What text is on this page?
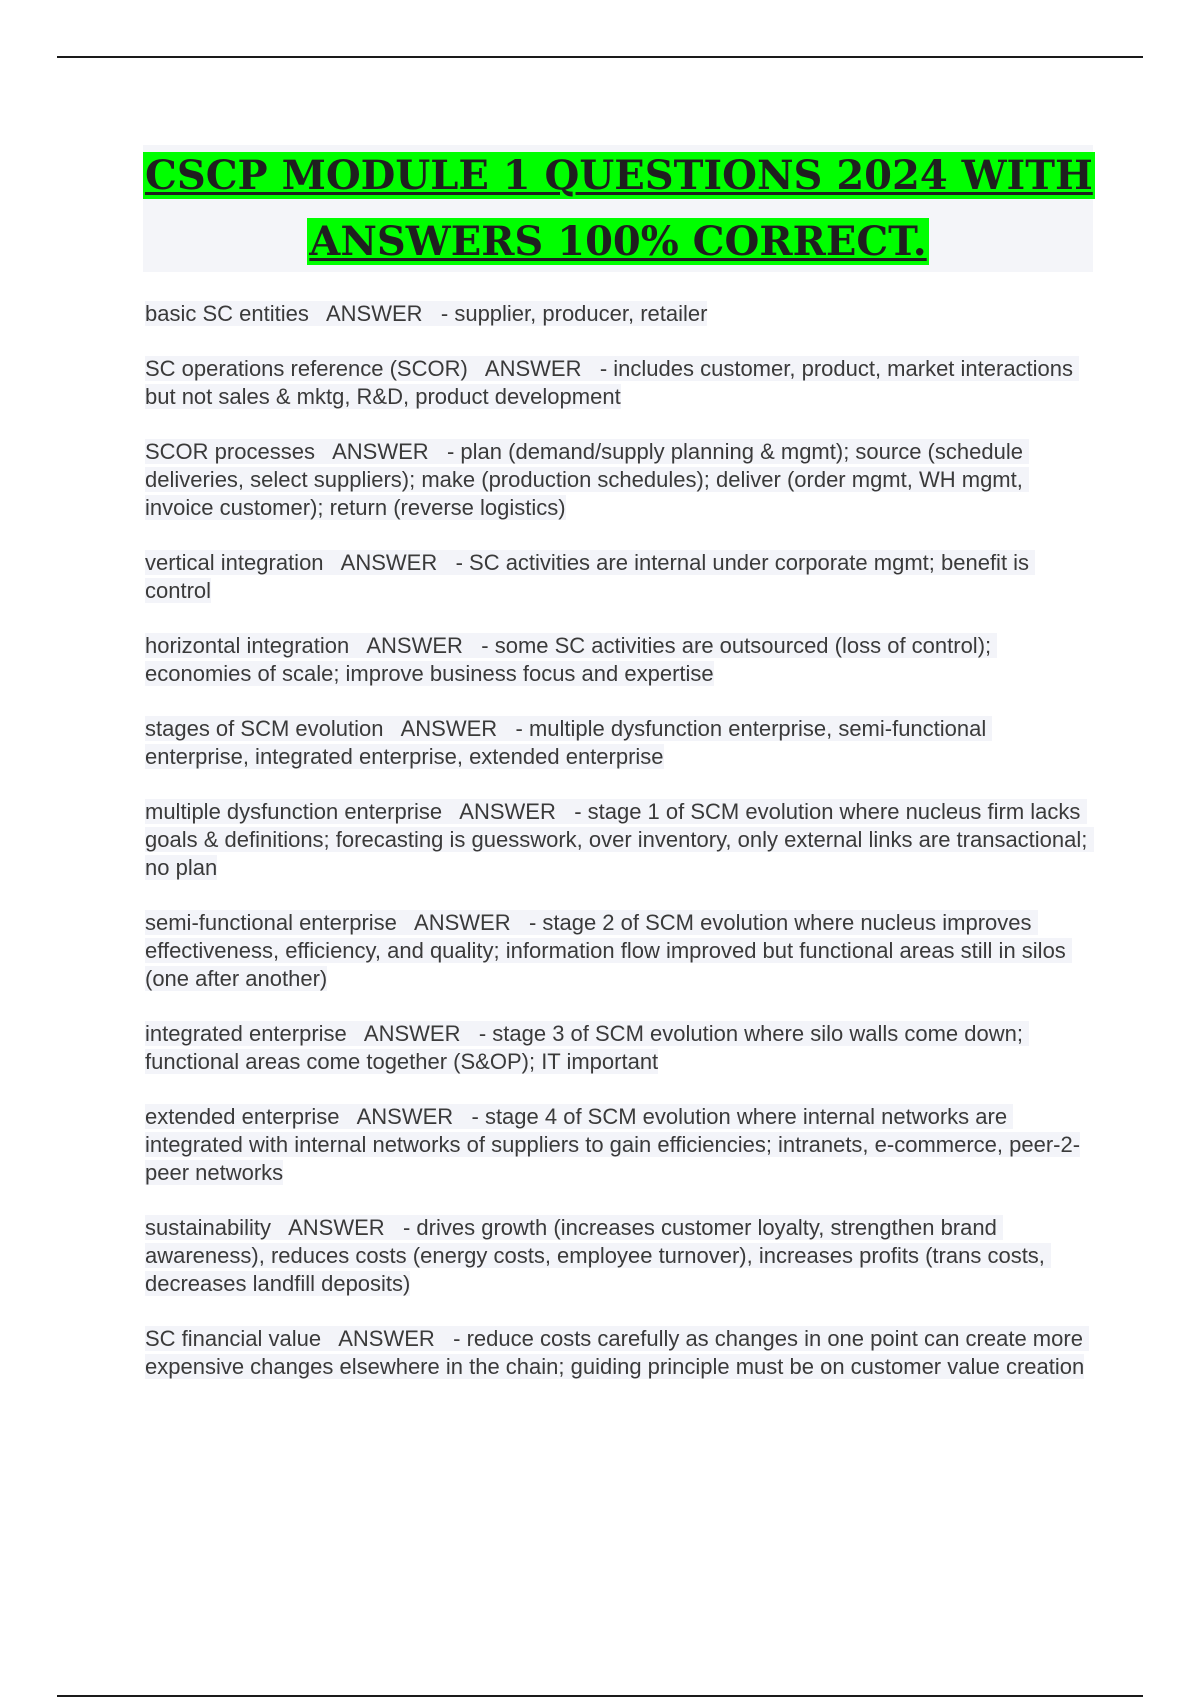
CSCP MODULE 1 QUESTIONS 2024 WITH ANSWERS 100% CORRECT.

basic SC entities ANSWER - supplier, producer, retailer

SC operations reference (SCOR) ANSWER - includes customer, product, market interactions but not sales & mktg, R&D, product development

SCOR processes ANSWER - plan (demand/supply planning & mgmt); source (schedule deliveries, select suppliers); make (production schedules); deliver (order mgmt, WH mgmt, invoice customer); return (reverse logistics)

vertical integration ANSWER - SC activities are internal under corporate mgmt; benefit is control

horizontal integration ANSWER - some SC activities are outsourced (loss of control); economies of scale; improve business focus and expertise

stages of SCM evolution ANSWER - multiple dysfunction enterprise, semi-functional enterprise, integrated enterprise, extended enterprise

multiple dysfunction enterprise ANSWER - stage 1 of SCM evolution where nucleus firm lacks goals & definitions; forecasting is guesswork, over inventory, only external links are transactional; no plan

semi-functional enterprise ANSWER - stage 2 of SCM evolution where nucleus improves effectiveness, efficiency, and quality; information flow improved but functional areas still in silos (one after another)

integrated enterprise ANSWER - stage 3 of SCM evolution where silo walls come down; functional areas come together (S&OP); IT important

extended enterprise ANSWER - stage 4 of SCM evolution where internal networks are integrated with internal networks of suppliers to gain efficiencies; intranets, e-commerce, peer-2-peer networks

sustainability ANSWER - drives growth (increases customer loyalty, strengthen brand awareness), reduces costs (energy costs, employee turnover), increases profits (trans costs, decreases landfill deposits)

SC financial value ANSWER - reduce costs carefully as changes in one point can create more expensive changes elsewhere in the chain; guiding principle must be on customer value creation
